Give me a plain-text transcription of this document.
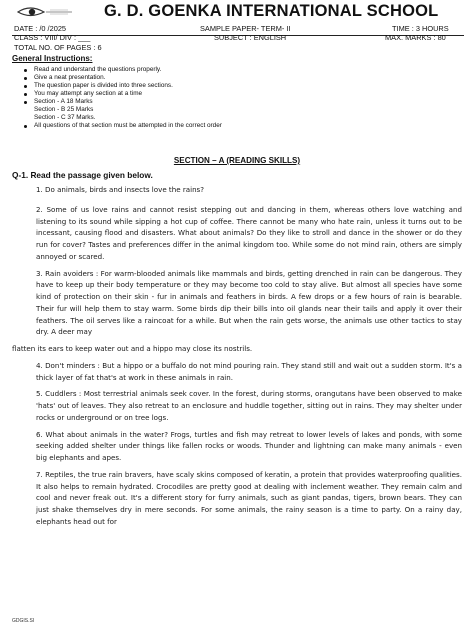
G. D. GOENKA INTERNATIONAL SCHOOL
DATE : /0 /2025	SAMPLE PAPER- TERM- II	TIME : 3 HOURS
CLASS : VIII/ DIV : ___	SUBJECT : ENGLISH	MAX. MARKS : 80
TOTAL NO. OF PAGES : 6
General Instructions:
Read and understand the questions properly.
Give a neat presentation.
The question paper is divided into three sections.
You may attempt any section at a time
Section - A 18 Marks
Section - B 25 Marks
Section - C 37 Marks.
All questions of that section must be attempted in the correct order
SECTION – A (READING SKILLS)
Q-1. Read the passage given below.

1. Do animals, birds and insects love the rains?

2. Some of us love rains and cannot resist stepping out and dancing in them, whereas others love watching and listening to its sound while sipping a hot cup of coffee. There cannot be many who hate rain, unless it turns out to be incessant, causing flood and disasters. What about animals? Do they like to stroll and dance in the shower or do they run for cover? Tastes and preferences differ in the animal kingdom too. While some do not mind rain, others are simply annoyed or scared.

3. Rain avoiders : For warm-blooded animals like mammals and birds, getting drenched in rain can be dangerous. They have to keep up their body temperature or they may become too cold to stay alive. But almost all species have some kind of protection on their skin - fur in animals and feathers in birds. A few drops or a few hours of rain is bearable. Their fur will help them to stay warm. Some birds dip their bills into oil glands near their tails and apply it over their feathers. The oil serves like a raincoat for a while. But when the rain gets worse, the animals use other tactics to stay dry. A deer may

flatten its ears to keep water out and a hippo may close its nostrils.

4. Don't minders : But a hippo or a buffalo do not mind pouring rain. They stand still and wait out a sudden storm. It's a thick layer of fat that's at work in these animals in rain.

5. Cuddlers : Most terrestrial animals seek cover. In the forest, during storms, orangutans have been observed to make 'hats' out of leaves. They also retreat to an enclosure and huddle together, sitting out in rains. They may shelter under rocks or underground or on tree logs.

6. What about animals in the water? Frogs, turtles and fish may retreat to lower levels of lakes and ponds, with some seeking added shelter under things like fallen rocks or woods. Thunder and lightning can make many animals - even big elephants and apes.

7. Reptiles, the true rain bravers, have scaly skins composed of keratin, a protein that provides waterproofing qualities. It also helps to remain hydrated. Crocodiles are pretty good at dealing with inclement weather. They remain calm and cool and never freak out. It's a different story for furry animals, such as giant pandas, tigers, brown bears. They can just shake themselves dry in mere seconds. For some animals, the rainy season is a time to party. On a rainy day, elephants head out for

GDGIS.SI
